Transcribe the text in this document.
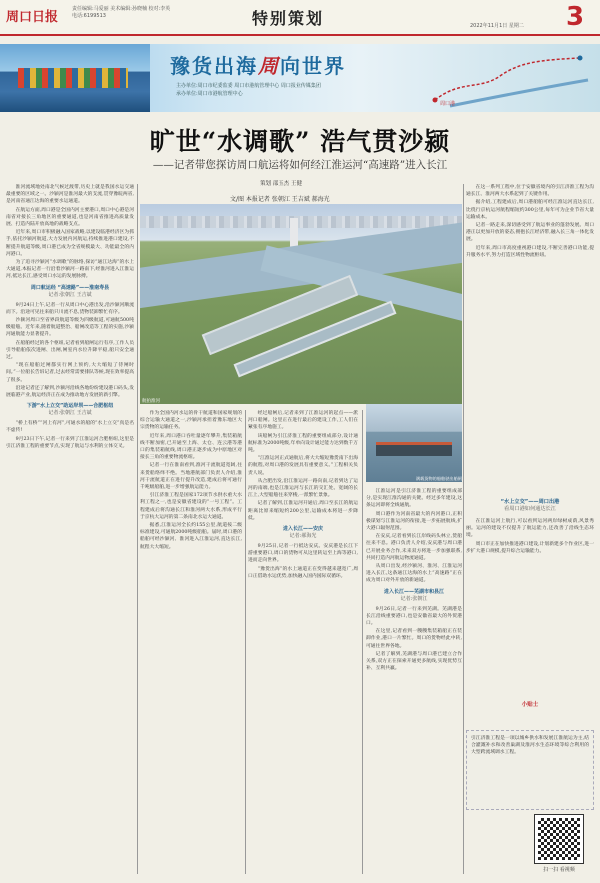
周口日报
责任编辑:马爱丽 美术编辑:孙晓楠 校对:李英
电话:6199513	特别策划	2022年11月1日 星期二 3
豫货出海周向世界
主办单位:周口市纪委监委 周口市港航管理中心 周口报业传媒集团
承办单位:周口市港航管理中心
周口港
旷世“水调歌” 浩气贯沙颍
——记者带您探访周口航运将如何经江淮运河“高速路”进入长江
策划 邵玉杰 王健
文/图 本报记者 张朝江 王吉斌 郝海光

淮河流域地处南北气候过渡带,历史上就是我国水运交通最重要的区域之一。沙颍河是淮河最大的支流,贯穿豫皖两省,是河南省通江达海的重要水运通道。

在航运方面,周口港是全国内河主要港口,周口中心港是河南省对接长三角地区的重要通道,也是河南省推进高质量发展、打造内陆开放高地的战略支点。

近年来,周口市积极融入国家战略,以建设临港经济区为抓手,依托沙颍河航道,大力发展内河航运,持续推进港口建设,不断提升航道等级,周口港已成为全省规模最大、功能最全的内河港口。

为了追寻沙颍河“水调歌”的脉络,探访“通江达海”的水上大通道,本报记者一行沿着沙颍河一路南下,经淮河进入江淮运河,抵达长江,感受周口水运的发展脉搏。

周口航运经 “高速路”——淮南寿县
记者:张朝江 王吉斌

9月24日上午,记者一行从周口中心港出发,沿沙颍河顺流而下。沿途可见往来船只川流不息,货物装卸繁忙有序。

沙颍河周口至省界段航道等级为四级航道,可通航500吨级船舶。近年来,随着航道整治、船闸改造等工程的实施,沙颍河通航能力显著提升。

在船舶经过的各个枢纽,记者看到船闸运行有序,工作人员引导船舶依次进闸、出闸,闸室内水位升降平稳,船只安全通过。

“现在船舶过闸都实行网上预约,大大缩短了待闸时间。”一位船长告诉记者,过去经常需要排队等候,现在效率提高了很多。

沿途记者还了解到,沙颍河沿线各地纷纷建设港口码头,发展临港产业,航运经济正在成为推动地方发展的新引擎。

下游“水上立交”助运岸坝——合肥枢纽
记者:张朝江 王吉斌

“桥上有桥”“河上有河”,可通水的船的“水上立交”真是名不虚传!

9月23日下午,记者一行来到了江淮运河合肥枢纽,这里是引江济淮工程的重要节点,实现了航运与水利的立体交叉。

航拍淮河

作为全国内河水运的骨干航道和国家规划的综合运输大通道之一,沙颍河承担着豫东地区大宗货物的运输任务。

近年来,周口港口吞吐量逐年攀升,集装箱航线不断加密,已开通至上海、太仓、连云港等港口的集装箱航线,周口港正逐步成为中原地区对接长三角的重要物流枢纽。

记者一行在淮南看到,淮河干流航道宽阔,往来货船络绎不绝。当地港航部门负责人介绍,淮河干流航道正在进行提升改造,建成后将可通行千吨级船舶,进一步增强航运能力。

引江济淮工程是国家172项节水供水重大水利工程之一,也是安徽省建设的“一号工程”。工程建成后将沟通长江和淮河两大水系,形成平行于京杭大运河的第二条南北水运大通道。

据悉,江淮运河全长约155公里,航道按二级标准建设,可通航2000吨级船舶。届时,周口港的船舶可经沙颍河、淮河进入江淮运河,直达长江,航程大大缩短。

经过船闸后,记者来到了江淮运河的起点——派河口船闸。这里正在进行最后的建设工作,工人们在紧张有序地施工。

该船闸为引江济淮工程的重要组成部分,设计通航标准为2000吨级,年单向设计通过能力达到数千万吨。

“江淮运河正式通航后,将大大缩短豫货南下出海的航程,对周口港的发展具有重要意义。”工程相关负责人说。

从合肥出发,沿江淮运河一路向南,记者到达了运河的南端,也是江淮运河与长江的交汇处。宽阔的长江上,大型船舶往来穿梭,一派繁忙景象。

记者了解到,江淮运河开通后,周口至长江的航运距离比原来缩短约200公里,运输成本将进一步降低。

进入长江——安庆
记者:郝海光

9月25日,记者一行抵达安庆。安庆港是长江下游重要港口,周口的货物可从这里转运至上海等港口,进而走向世界。

“豫货出海”的水上通道正在变得越来越宽广,周口正借助水运优势,加快融入国内国际双循环。

满载货物的船舶驶出船闸

江淮运河是引江济淮工程的重要组成部分,是实现江淮沟通的关键。经过多年建设,这条运河即将全线通航。

周口港作为河南省最大的内河港口,正积极谋划与江淮运河的衔接,进一步拓展航线,扩大港口辐射范围。

在安庆,记者看到长江岸线码头林立,货船往来不息。港口负责人介绍,安庆港与周口港已开展业务合作,未来双方将进一步加强联系,共同打造内河航运物流通道。

从周口出发,经沙颍河、淮河、江淮运河进入长江,这条通江达海的水上“高速路”正在成为周口对外开放的新通道。

进入长江——芜湖市和县江
记者:张朝江

9月26日,记者一行来到芜湖。芜湖港是长江沿线重要港口,也是安徽省最大的外贸港口。

在这里,记者看到一艘艘集装箱船正在装卸作业,港口一片繁忙。周口的货物经此中转,可通往世界各地。

记者了解到,芜湖港与周口港已建立合作关系,双方正在探索开通更多航线,实现优势互补、互利共赢。

在这一系列工程中,位于安徽省境内的引江济淮工程为沟通长江、淮河两大水系起到了关键作用。

据介绍,工程建成后,周口港船舶可经江淮运河直达长江,比绕行京杭运河航程缩短约300公里,每年可为企业节省大量运输成本。

记者一路走来,深切感受到了航运事业的蓬勃发展。周口港正以更加开放的姿态,拥抱长江经济带,融入长三角一体化发展。

近年来,周口市高度重视港口建设,不断完善港口功能,提升服务水平,努力打造区域性物流枢纽。

“水上立交”——周口出港
看周口港如何通达长江

在江淮运河上航行,可以看到运河两岸绿树成荫,风景秀丽。运河的建设不仅提升了航运能力,还改善了沿线生态环境。

周口市正在加快推进港口建设,计划新建多个作业区,进一步扩大港口规模,提升综合运输能力。

小贴士
引江济淮工程是一项以城乡供水和发展江淮航运为主,结合灌溉补水和改善巢湖及淮河水生态环境等综合利用的大型跨流域调水工程。
扫一扫 看视频
